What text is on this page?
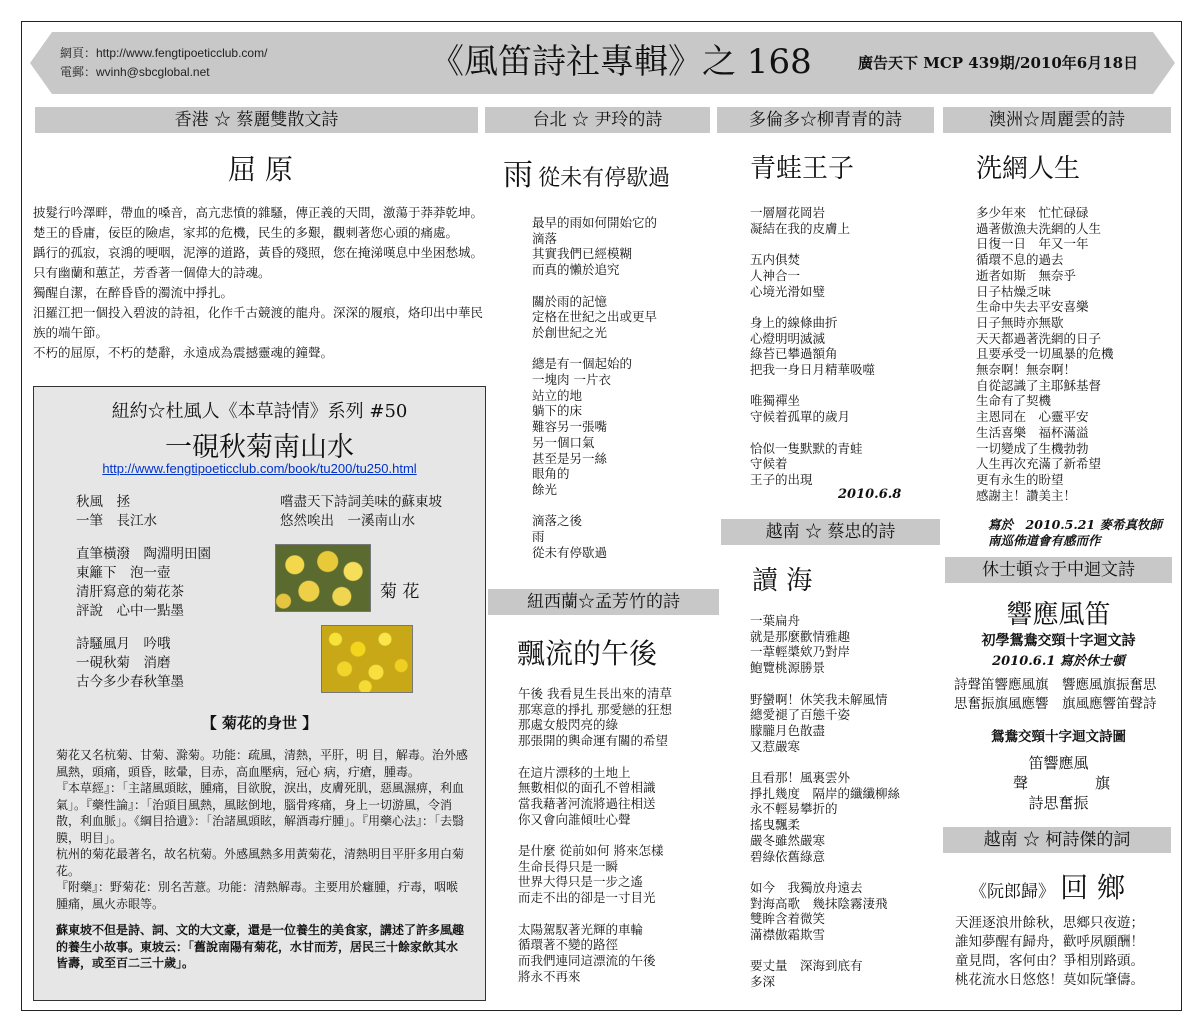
網頁：http://www.fengtipoeticclub.com/
電郵：wvinh@sbcglobal.net	《風笛詩社專輯》之 168	廣告天下 MCP 439期/2010年6月18日
香港 ☆ 蔡麗雙散文詩
屈 原
披髮行吟澤畔，帶血的嗓音，高亢悲憤的雜騷，傳正義的天問，激蕩于莽莽乾坤。
楚王的昏庸，佞臣的險虐，家邦的危機，民生的多艱，觀刺著您心頭的痛處。
踽行的孤寂，哀鴻的哽咽，泥濘的道路，黃昏的殘照，您在掩涕嘆息中坐困愁城。
只有幽蘭和蕙芷，芳香著一個偉大的詩魂。
獨醒自潔，在醉昏昏的濁流中掙扎。
汨羅江把一個投入碧波的詩祖，化作千古競渡的龍舟。深深的履痕，烙印出中華民族的端午節。
不朽的屈原，不朽的楚辭，永遠成為震撼靈魂的鐘聲。
紐約☆杜風人《本草詩情》系列 #50
一硯秋菊南山水
http://www.fengtipoeticclub.com/book/tu200/tu250.html
秋風　拯
一筆　長江水
嚐盡天下詩詞美味的蘇東坡
悠然唉出　一溪南山水
直筆橫潑　陶淵明田園
東籬下　泡一壺
清肝寫意的菊花茶
評說　心中一點墨
菊 花
詩騷風月　吟哦
一硯秋菊　消磨
古今多少春秋筆墨
【 菊花的身世 】
菊花又名杭菊、甘菊、滁菊。功能：疏風，清熱，平肝，明 目，解毒。治外感風熱，頭痛，頭昏，眩暈，目赤，高血壓病，冠心 病，疔瘡，腫毒。
『本草經』：「主諸風頭眩，腫痛，目欲脫，淚出，皮膚死肌，惡風濕痹，利血氣」。『藥性論』：「治頭目風熱，風眩倒地，腦骨疼痛，身上一切游風，令消散，利血脈」。《綱目拾遺》：「治諸風頭眩，解酒毒疔腫」。『用藥心法』：「去翳膜，明目」。
杭州的菊花最著名，故名杭菊。外感風熱多用黃菊花，清熱明目平肝多用白菊花。
『附藥』：野菊花：別名苦薏。功能：清熱解毒。主要用於癰腫，疔毒，咽喉腫痛，風火赤眼等。
蘇東坡不但是詩、詞、文的大文豪，還是一位養生的美食家，講述了許多風趣的養生小故事。東坡云：「舊說南陽有菊花，水甘而芳，居民三十餘家飲其水皆壽，或至百二三十歲」。
台北 ☆ 尹玲的詩
雨 從未有停歇過
最早的雨如何開始它的
滴落
其實我們已經模糊
而真的懶於追究

關於雨的記憶
定格在世紀之出或更早
於創世紀之光

總是有一個起始的
一塊肉 一片衣
站立的地
躺下的床
難容另一張嘴
另一個口氣
甚至是另一絲
眼角的
餘光

滴落之後
雨
從未有停歇過
紐西蘭☆孟芳竹的詩
飄流的午後
午後 我看見生長出來的清草
那寒意的掙扎 那愛戀的狂想
那處女般閃亮的綠
那張開的輿命運有關的希望

在這片漂移的土地上
無數相似的面孔不曾相識
當我藉著河流將過往相送
你又會向誰傾吐心聲

是什麼 從前如何 將來怎樣
生命長得只是一瞬
世界大得只是一步之遙
而走不出的卻是一寸目光

太陽駕馭著光輝的車輪
循環著不變的路徑
而我們連同這漂流的午後
將永不再來
多倫多☆柳青青的詩
青蛙王子
一層層花岡岩
凝結在我的皮膚上

五内俱焚
人神合一
心境光滑如璧

身上的線條曲折
心燈明明滅滅
綠苔已攀過額角
把我一身日月精華吸噬

唯獨禪坐
守候着孤單的歲月

恰似一隻默默的青蛙
守候着
王子的出現
2010.6.8
越南 ☆ 蔡忠的詩
讀 海
一葉扁舟
就是那麼歡情雅趣
一葦輕槳欸乃對岸
鮑覽桃源勝景

野蠻啊！休笑我未解風情
總愛褪了百態千姿
朦朧月色散盡
又惹嚴寒

且看那！風裏雲外
掙扎幾度　隔岸的纖纖柳絲
永不輕易攀折的
搖曳飄柔
嚴冬雖然嚴寒
碧綠依舊綠意

如今　我獨放舟遠去
對海高歌　幾抹陰霧淒飛
雙眸含着微笑
滿襟傲霜欺雪

要丈量　深海到底有
多深
澳洲☆周麗雲的詩
洗網人生
多少年來　忙忙碌碌
過著傲漁夫洗網的人生
日復一日　年又一年
循環不息的過去
逝者如斯　無奈乎
日子枯燥乏味
生命中失去平安喜樂
日子無時亦無歇
天天都過著洗網的日子
且要承受一切風暴的危機
無奈啊！無奈啊！
自從認識了主耶穌基督
生命有了契機
主恩同在　心靈平安
生活喜樂　福杯滿溢
一切變成了生機勃勃
人生再次充滿了新希望
更有永生的盼望
感謝主！讚美主！
寫於　2010.5.21 麥希真牧師
南巡佈道會有感而作
休士頓☆于中迴文詩
響應風笛
初學鴛鴦交頸十字迴文詩
2010.6.1 寫於休士頓
詩聲笛響應風旗　響應風旗振奮思
思奮振旗風應響　旗風應響笛聲詩
鴛鴦交頸十字迴文詩圖
笛響應風
聲	旗
詩思奮振
越南 ☆ 柯詩傑的詞
《阮郎歸》 回 鄉
天涯逐浪卅餘秋，思鄉只夜遊；
誰知夢醒有歸舟，歡呼夙願酬！
童見問，客何由？爭相別路頭。
桃花流水日悠悠！莫如阮肇儔。
